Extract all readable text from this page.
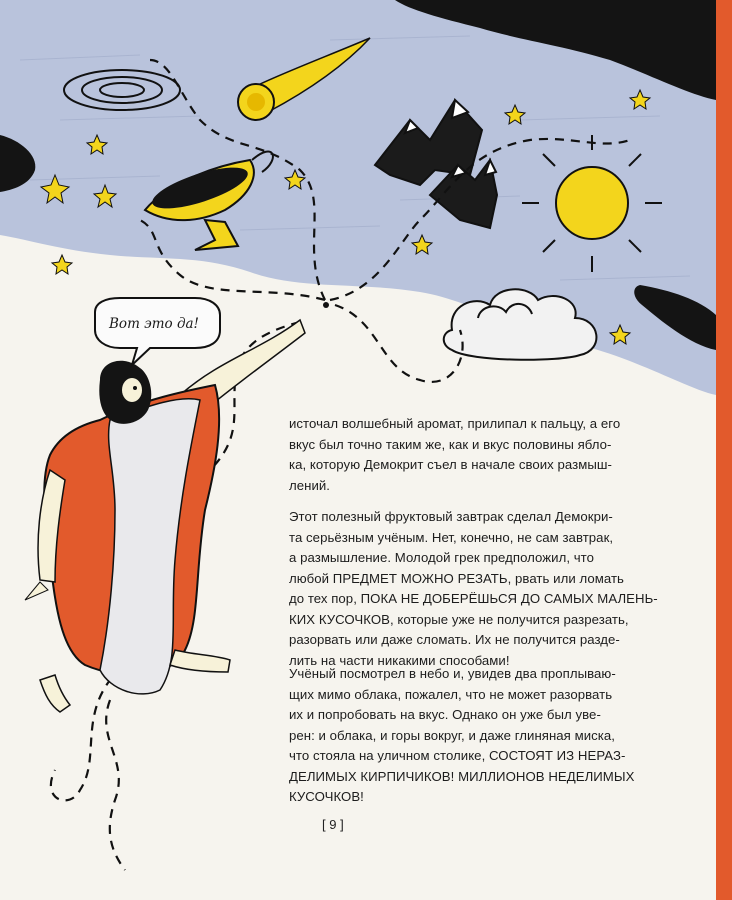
Вот это да!

источал волшебный аромат, прилипал к пальцу, а его
вкус был точно таким же, как и вкус половины ябло-
ка, которую Демокрит съел в начале своих размыш-
лений.

Этот полезный фруктовый завтрак сделал Демокри-
та серьёзным учёным. Нет, конечно, не сам завтрак,
а размышление. Молодой грек предположил, что
любой ПРЕДМЕТ МОЖНО РЕЗАТЬ, рвать или ломать
до тех пор, ПОКА НЕ ДОБЕРЁШЬСЯ ДО САМЫХ МАЛЕНЬ-
КИХ КУСОЧКОВ, которые уже не получится разрезать,
разорвать или даже сломать. Их не получится разде-
лить на части никакими способами!

Учёный посмотрел в небо и, увидев два проплываю-
щих мимо облака, пожалел, что не может разорвать
их и попробовать на вкус. Однако он уже был уве-
рен: и облака, и горы вокруг, и даже глиняная миска,
что стояла на уличном столике, СОСТОЯТ ИЗ НЕРАЗ-
ДЕЛИМЫХ КИРПИЧИКОВ! МИЛЛИОНОВ НЕДЕЛИМЫХ
КУСОЧКОВ!

[ 9 ]
